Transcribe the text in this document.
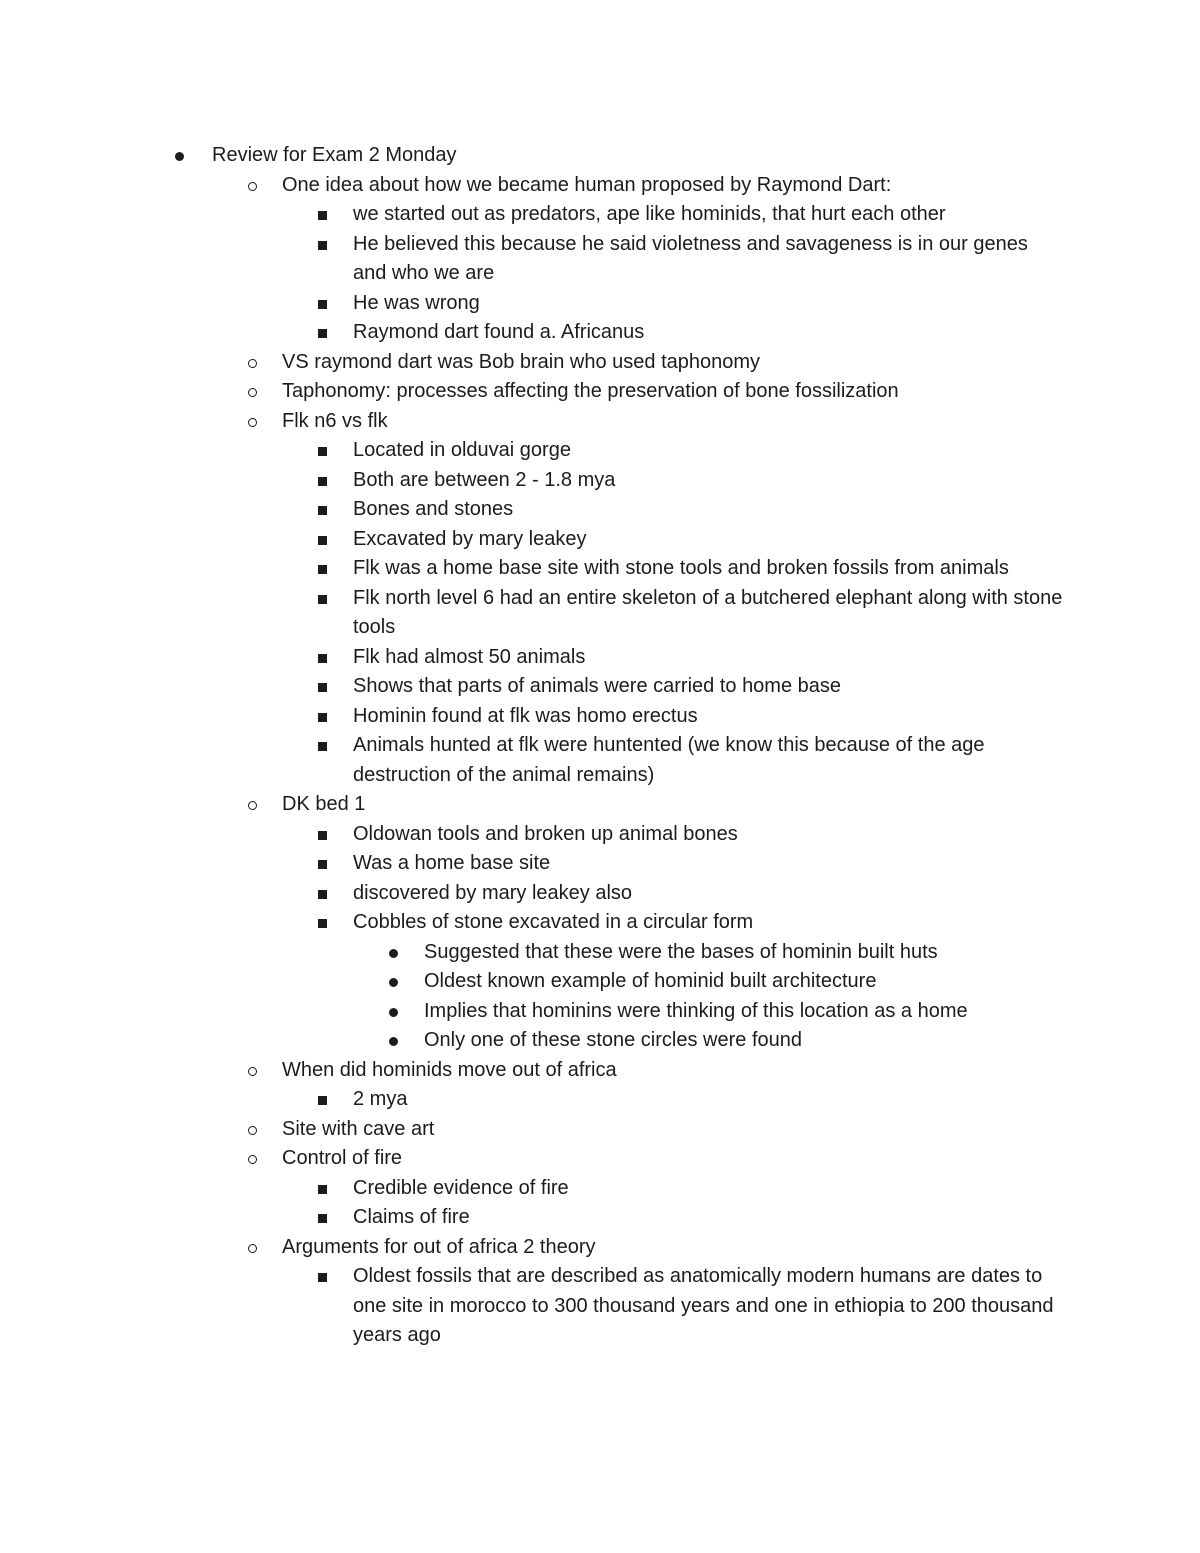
Review for Exam 2 Monday
One idea about how we became human proposed by Raymond Dart:
we started out as predators, ape like hominids, that hurt each other
He believed this because he said violetness and savageness is in our genes and who we are
He was wrong
Raymond dart found a. Africanus
VS raymond dart was Bob brain who used taphonomy
Taphonomy: processes affecting the preservation of bone fossilization
Flk n6 vs flk
Located in olduvai gorge
Both are between 2 - 1.8 mya
Bones and stones
Excavated by mary leakey
Flk was a home base site with stone tools and broken fossils from animals
Flk north level 6 had an entire skeleton of a butchered elephant along with stone tools
Flk had almost 50 animals
Shows that parts of animals were carried to home base
Hominin found at flk was homo erectus
Animals hunted at flk were huntented (we know this because of the age destruction of the animal remains)
DK bed 1
Oldowan tools and broken up animal bones
Was a home base site
discovered by mary leakey also
Cobbles of stone excavated in a circular form
Suggested that these were the bases of hominin built huts
Oldest known example of hominid built architecture
Implies that hominins were thinking of this location as a home
Only one of these stone circles were found
When did hominids move out of africa
2 mya
Site with cave art
Control of fire
Credible evidence of fire
Claims of fire
Arguments for out of africa 2 theory
Oldest fossils that are described as anatomically modern humans are dates to one site in morocco to 300 thousand years and one in ethiopia to 200 thousand years ago
